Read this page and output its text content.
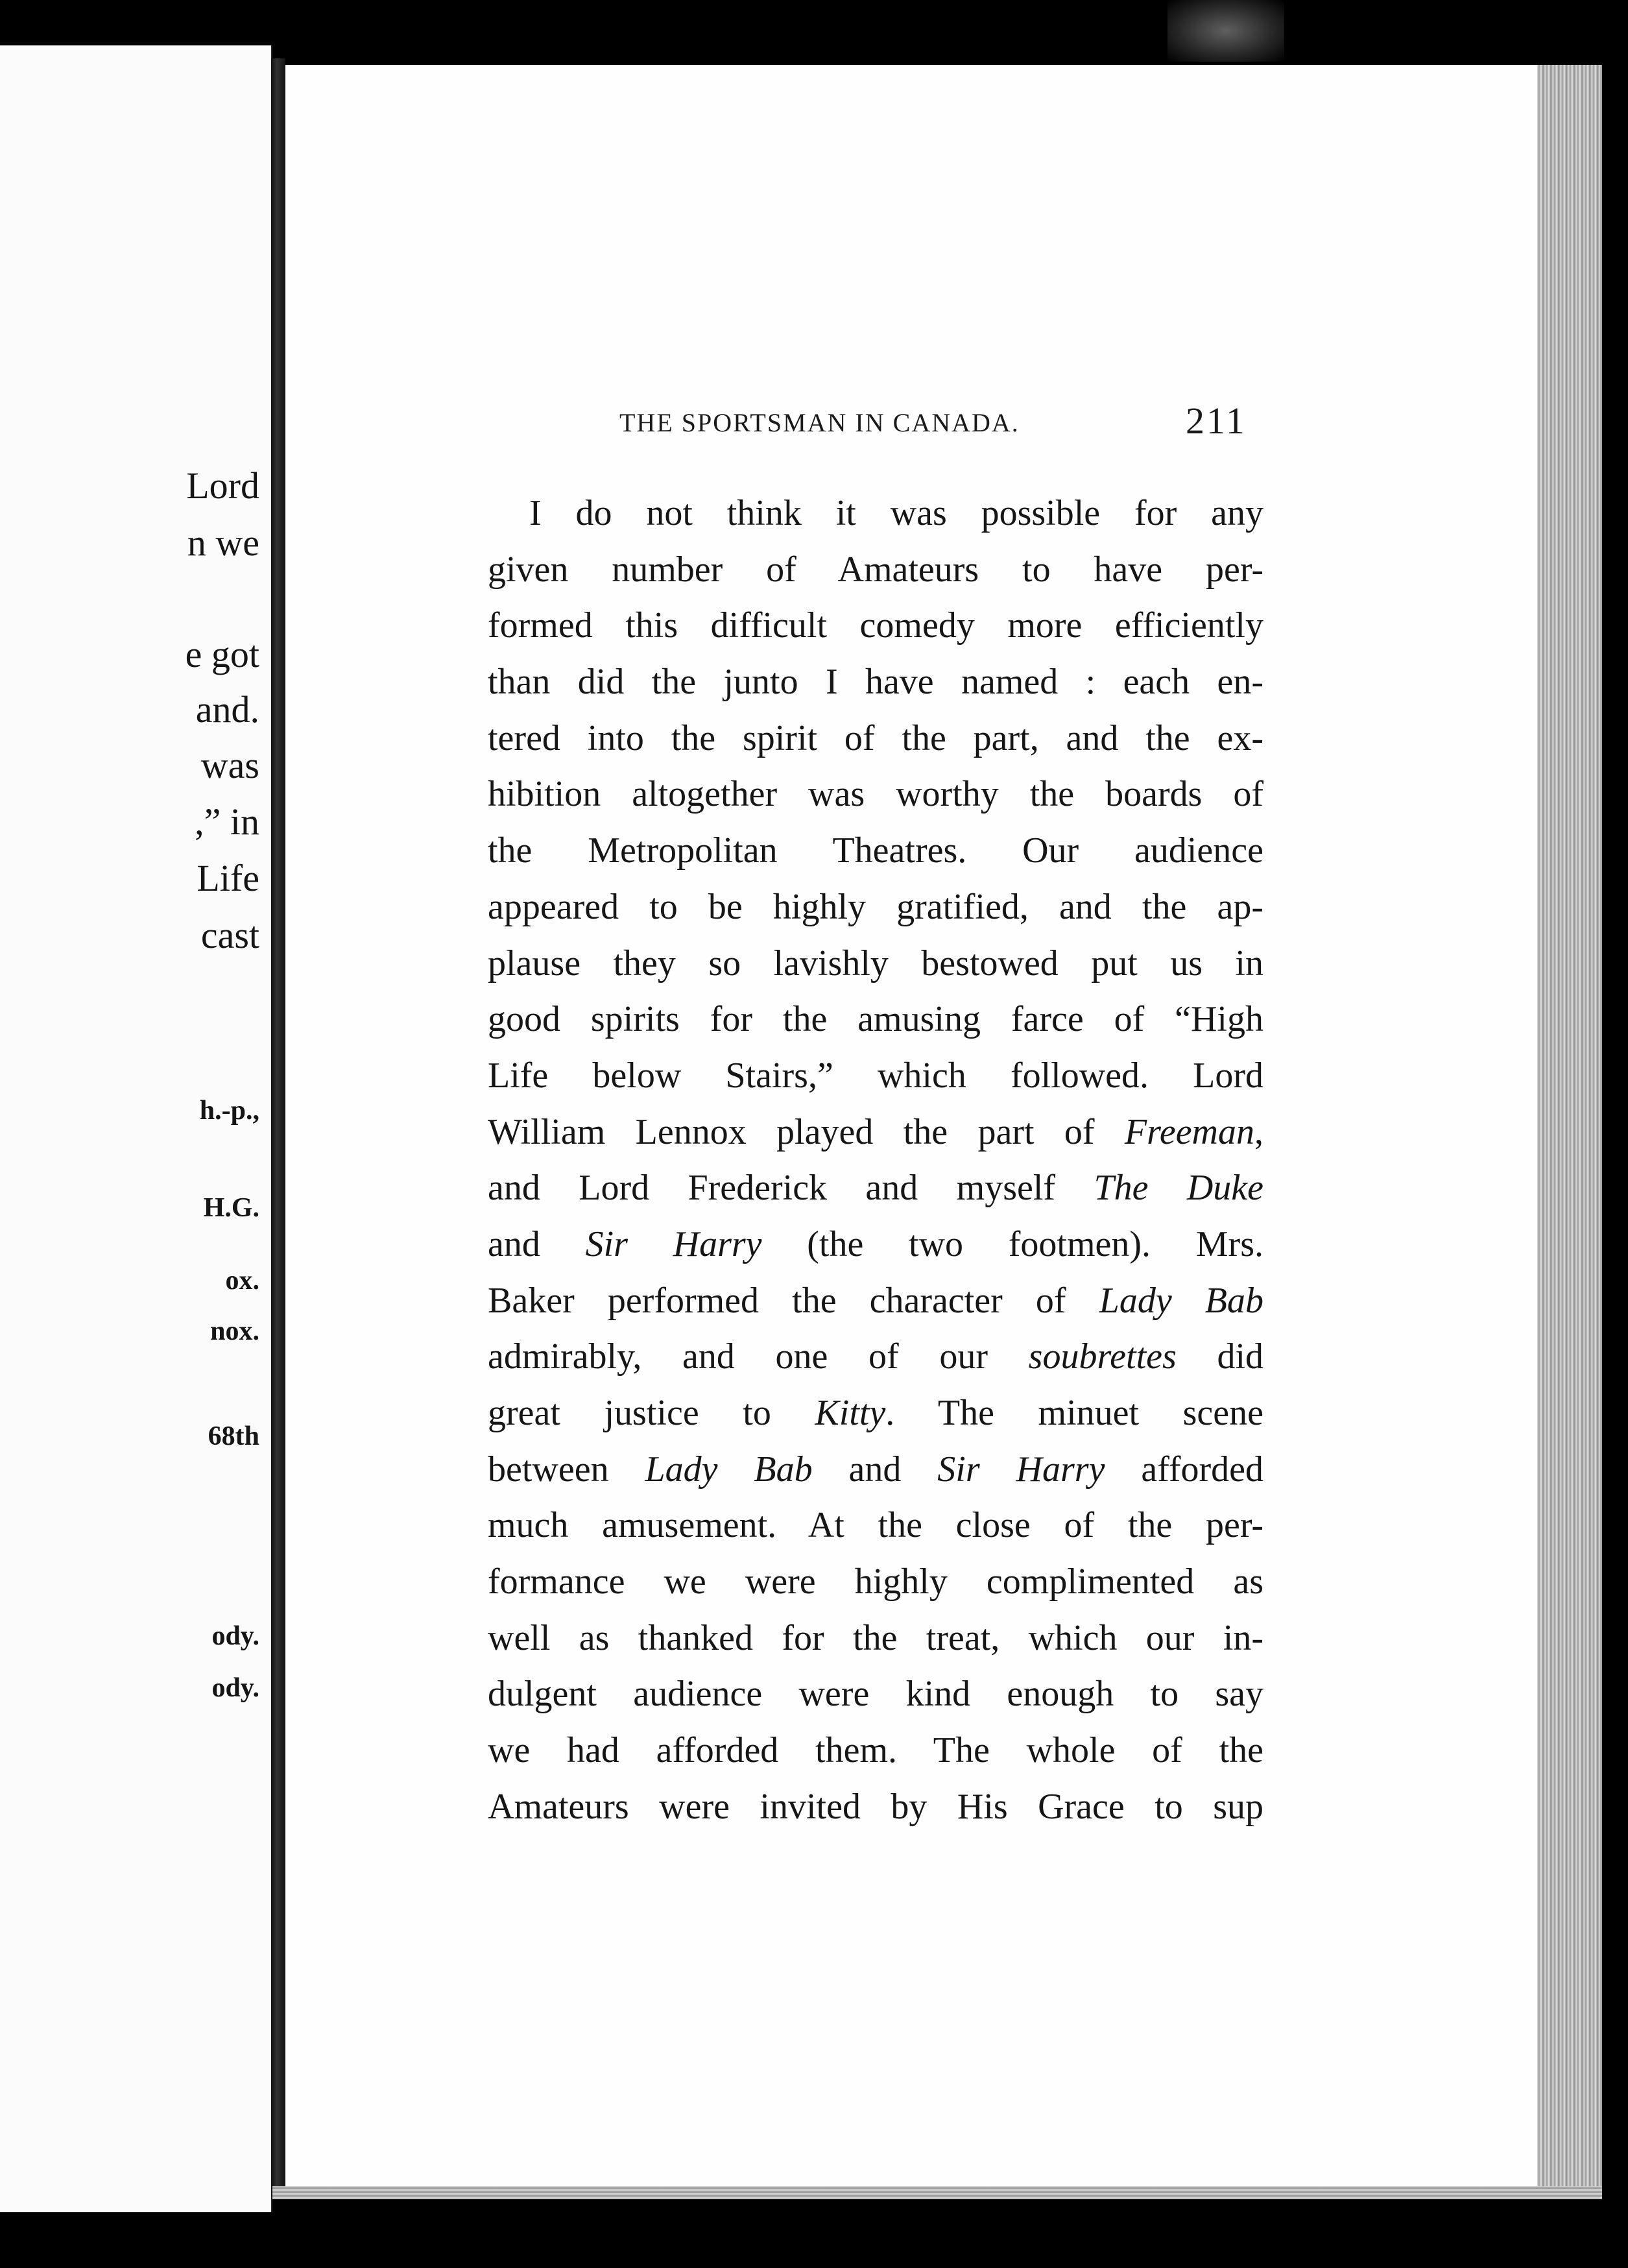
Lord
n we
e got
and.
was
,” in
Life
cast
h.-p.,
H.G.
ox.
nox.
68th
ody.
ody.
THE SPORTSMAN IN CANADA.	211
I do not think it was possible for any
given number of Amateurs to have per-
formed this difficult comedy more efficiently
than did the junto I have named : each en-
tered into the spirit of the part, and the ex-
hibition altogether was worthy the boards of
the Metropolitan Theatres. Our audience
appeared to be highly gratified, and the ap-
plause they so lavishly bestowed put us in
good spirits for the amusing farce of “High
Life below Stairs,” which followed. Lord
William Lennox played the part of Freeman,
and Lord Frederick and myself The Duke
and Sir Harry (the two footmen). Mrs.
Baker performed the character of Lady Bab
admirably, and one of our soubrettes did
great justice to Kitty. The minuet scene
between Lady Bab and Sir Harry afforded
much amusement. At the close of the per-
formance we were highly complimented as
well as thanked for the treat, which our in-
dulgent audience were kind enough to say
we had afforded them. The whole of the
Amateurs were invited by His Grace to sup
